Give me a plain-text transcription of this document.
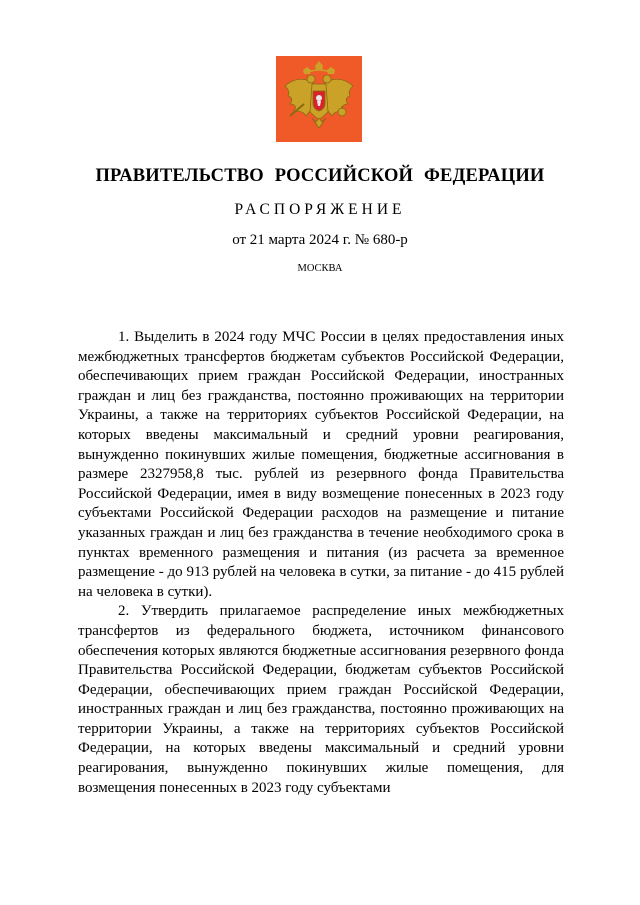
ПРАВИТЕЛЬСТВО РОССИЙСКОЙ ФЕДЕРАЦИИ
РАСПОРЯЖЕНИЕ
от 21 марта 2024 г. № 680-р
МОСКВА

1. Выделить в 2024 году МЧС России в целях предоставления иных межбюджетных трансфертов бюджетам субъектов Российской Федерации, обеспечивающих прием граждан Российской Федерации, иностранных граждан и лиц без гражданства, постоянно проживающих на территории Украины, а также на территориях субъектов Российской Федерации, на которых введены максимальный и средний уровни реагирования, вынужденно покинувших жилые помещения, бюджетные ассигнования в размере 2327958,8 тыс. рублей из резервного фонда Правительства Российской Федерации, имея в виду возмещение понесенных в 2023 году субъектами Российской Федерации расходов на размещение и питание указанных граждан и лиц без гражданства в течение необходимого срока в пунктах временного размещения и питания (из расчета за временное размещение - до 913 рублей на человека в сутки, за питание - до 415 рублей на человека в сутки).

2. Утвердить прилагаемое распределение иных межбюджетных трансфертов из федерального бюджета, источником финансового обеспечения которых являются бюджетные ассигнования резервного фонда Правительства Российской Федерации, бюджетам субъектов Российской Федерации, обеспечивающих прием граждан Российской Федерации, иностранных граждан и лиц без гражданства, постоянно проживающих на территории Украины, а также на территориях субъектов Российской Федерации, на которых введены максимальный и средний уровни реагирования, вынужденно покинувших жилые помещения, для возмещения понесенных в 2023 году субъектами
